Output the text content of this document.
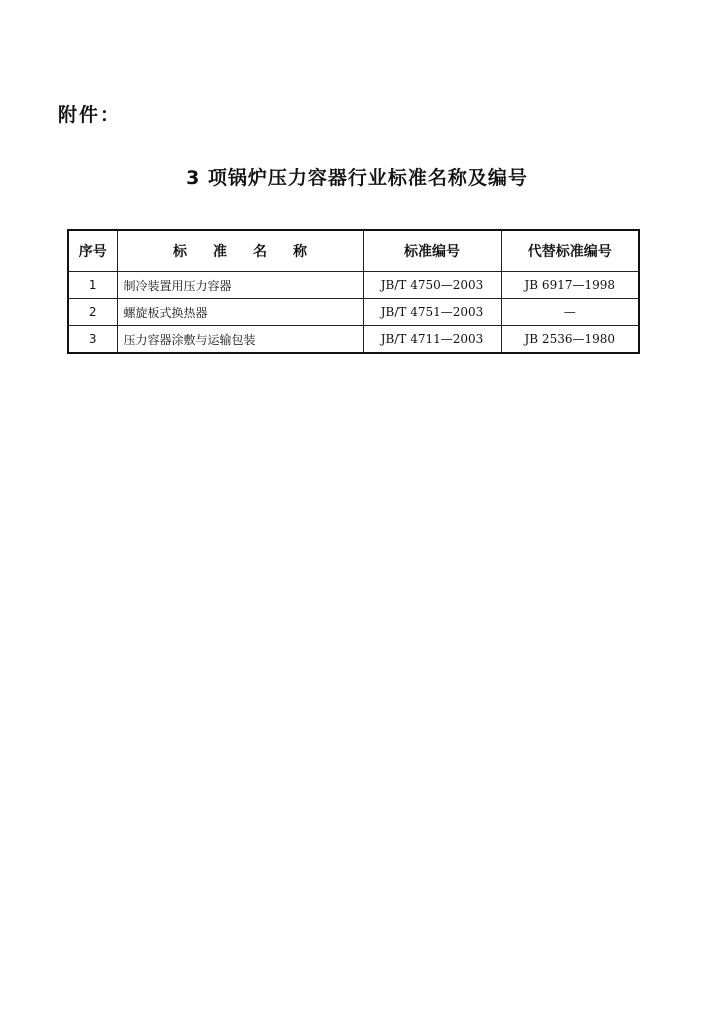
附件：
3 项锅炉压力容器行业标准名称及编号
序号	标准名称	标准编号	代替标准编号
1	制冷装置用压力容器	JB/T 4750—2003	JB 6917—1998
2	螺旋板式换热器	JB/T 4751—2003	—
3	压力容器涂敷与运输包装	JB/T 4711—2003	JB 2536—1980
